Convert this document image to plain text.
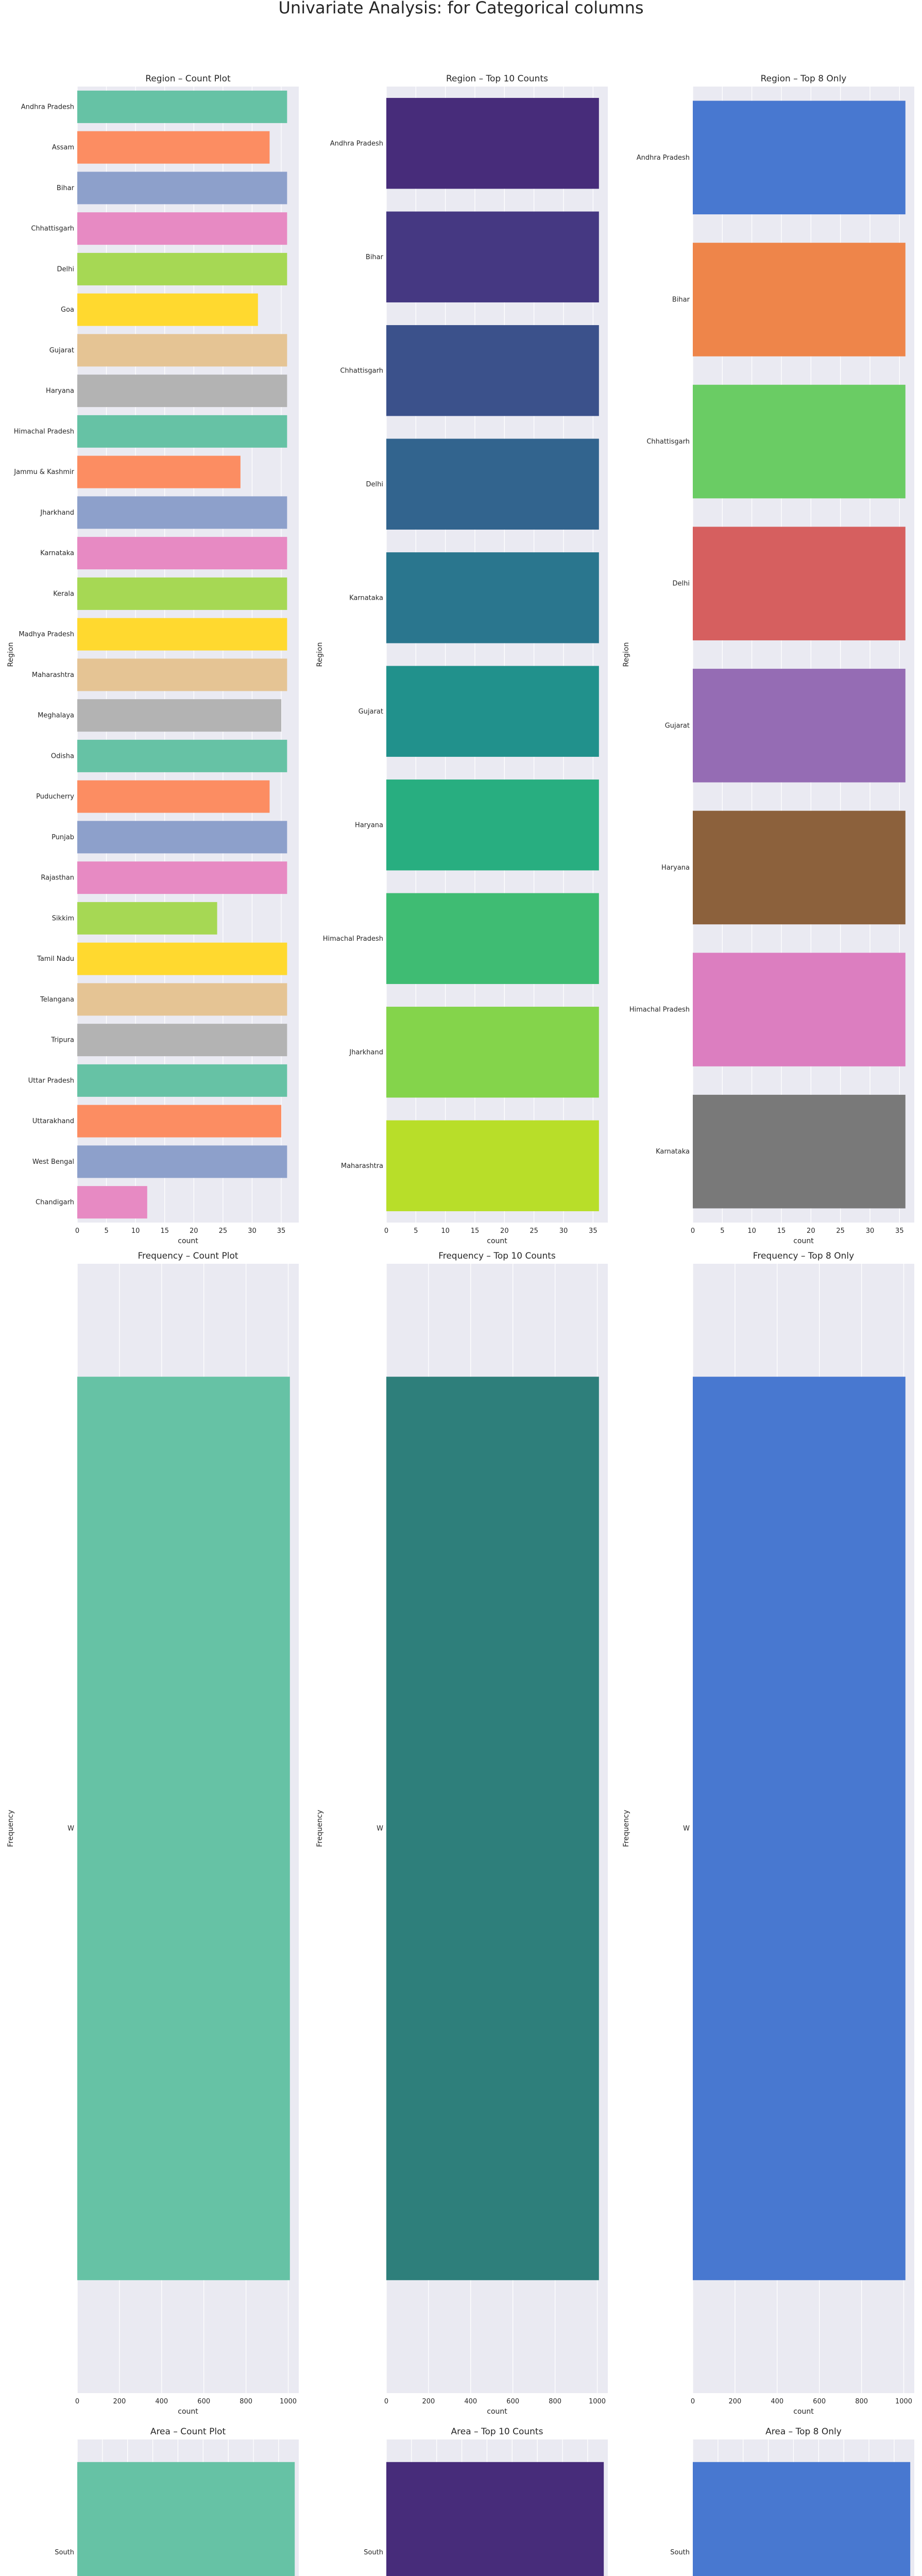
Univariate Analysis: for Categorical columns
0	5	10	15	20	25	30	35
Andhra Pradesh
Assam
Bihar
Chhattisgarh
Delhi
Goa
Gujarat
Haryana
Himachal Pradesh
Jammu & Kashmir
Jharkhand
Karnataka
Kerala
Madhya Pradesh
Maharashtra
Meghalaya
Odisha
Puducherry
Punjab
Rajasthan
Sikkim
Tamil Nadu
Telangana
Tripura
Uttar Pradesh
Uttarakhand
West Bengal
Chandigarh
Region – Count Plot
count
Region
0	5	10	15	20	25	30	35
Andhra Pradesh
Bihar
Chhattisgarh
Delhi
Karnataka
Gujarat
Haryana
Himachal Pradesh
Jharkhand
Maharashtra
Region – Top 10 Counts
count
Region
0	5	10	15	20	25	30	35
Andhra Pradesh
Bihar
Chhattisgarh
Delhi
Gujarat
Haryana
Himachal Pradesh
Karnataka
Region – Top 8 Only
count
Region
0	200	400	600	800	1000
W
Frequency – Count Plot
count
Frequency
0	200	400	600	800	1000
W
Frequency – Top 10 Counts
count
Frequency
0	200	400	600	800	1000
W
Frequency – Top 8 Only
count
Frequency
South
Area – Count Plot
South
Area – Top 10 Counts
South
Area – Top 8 Only
